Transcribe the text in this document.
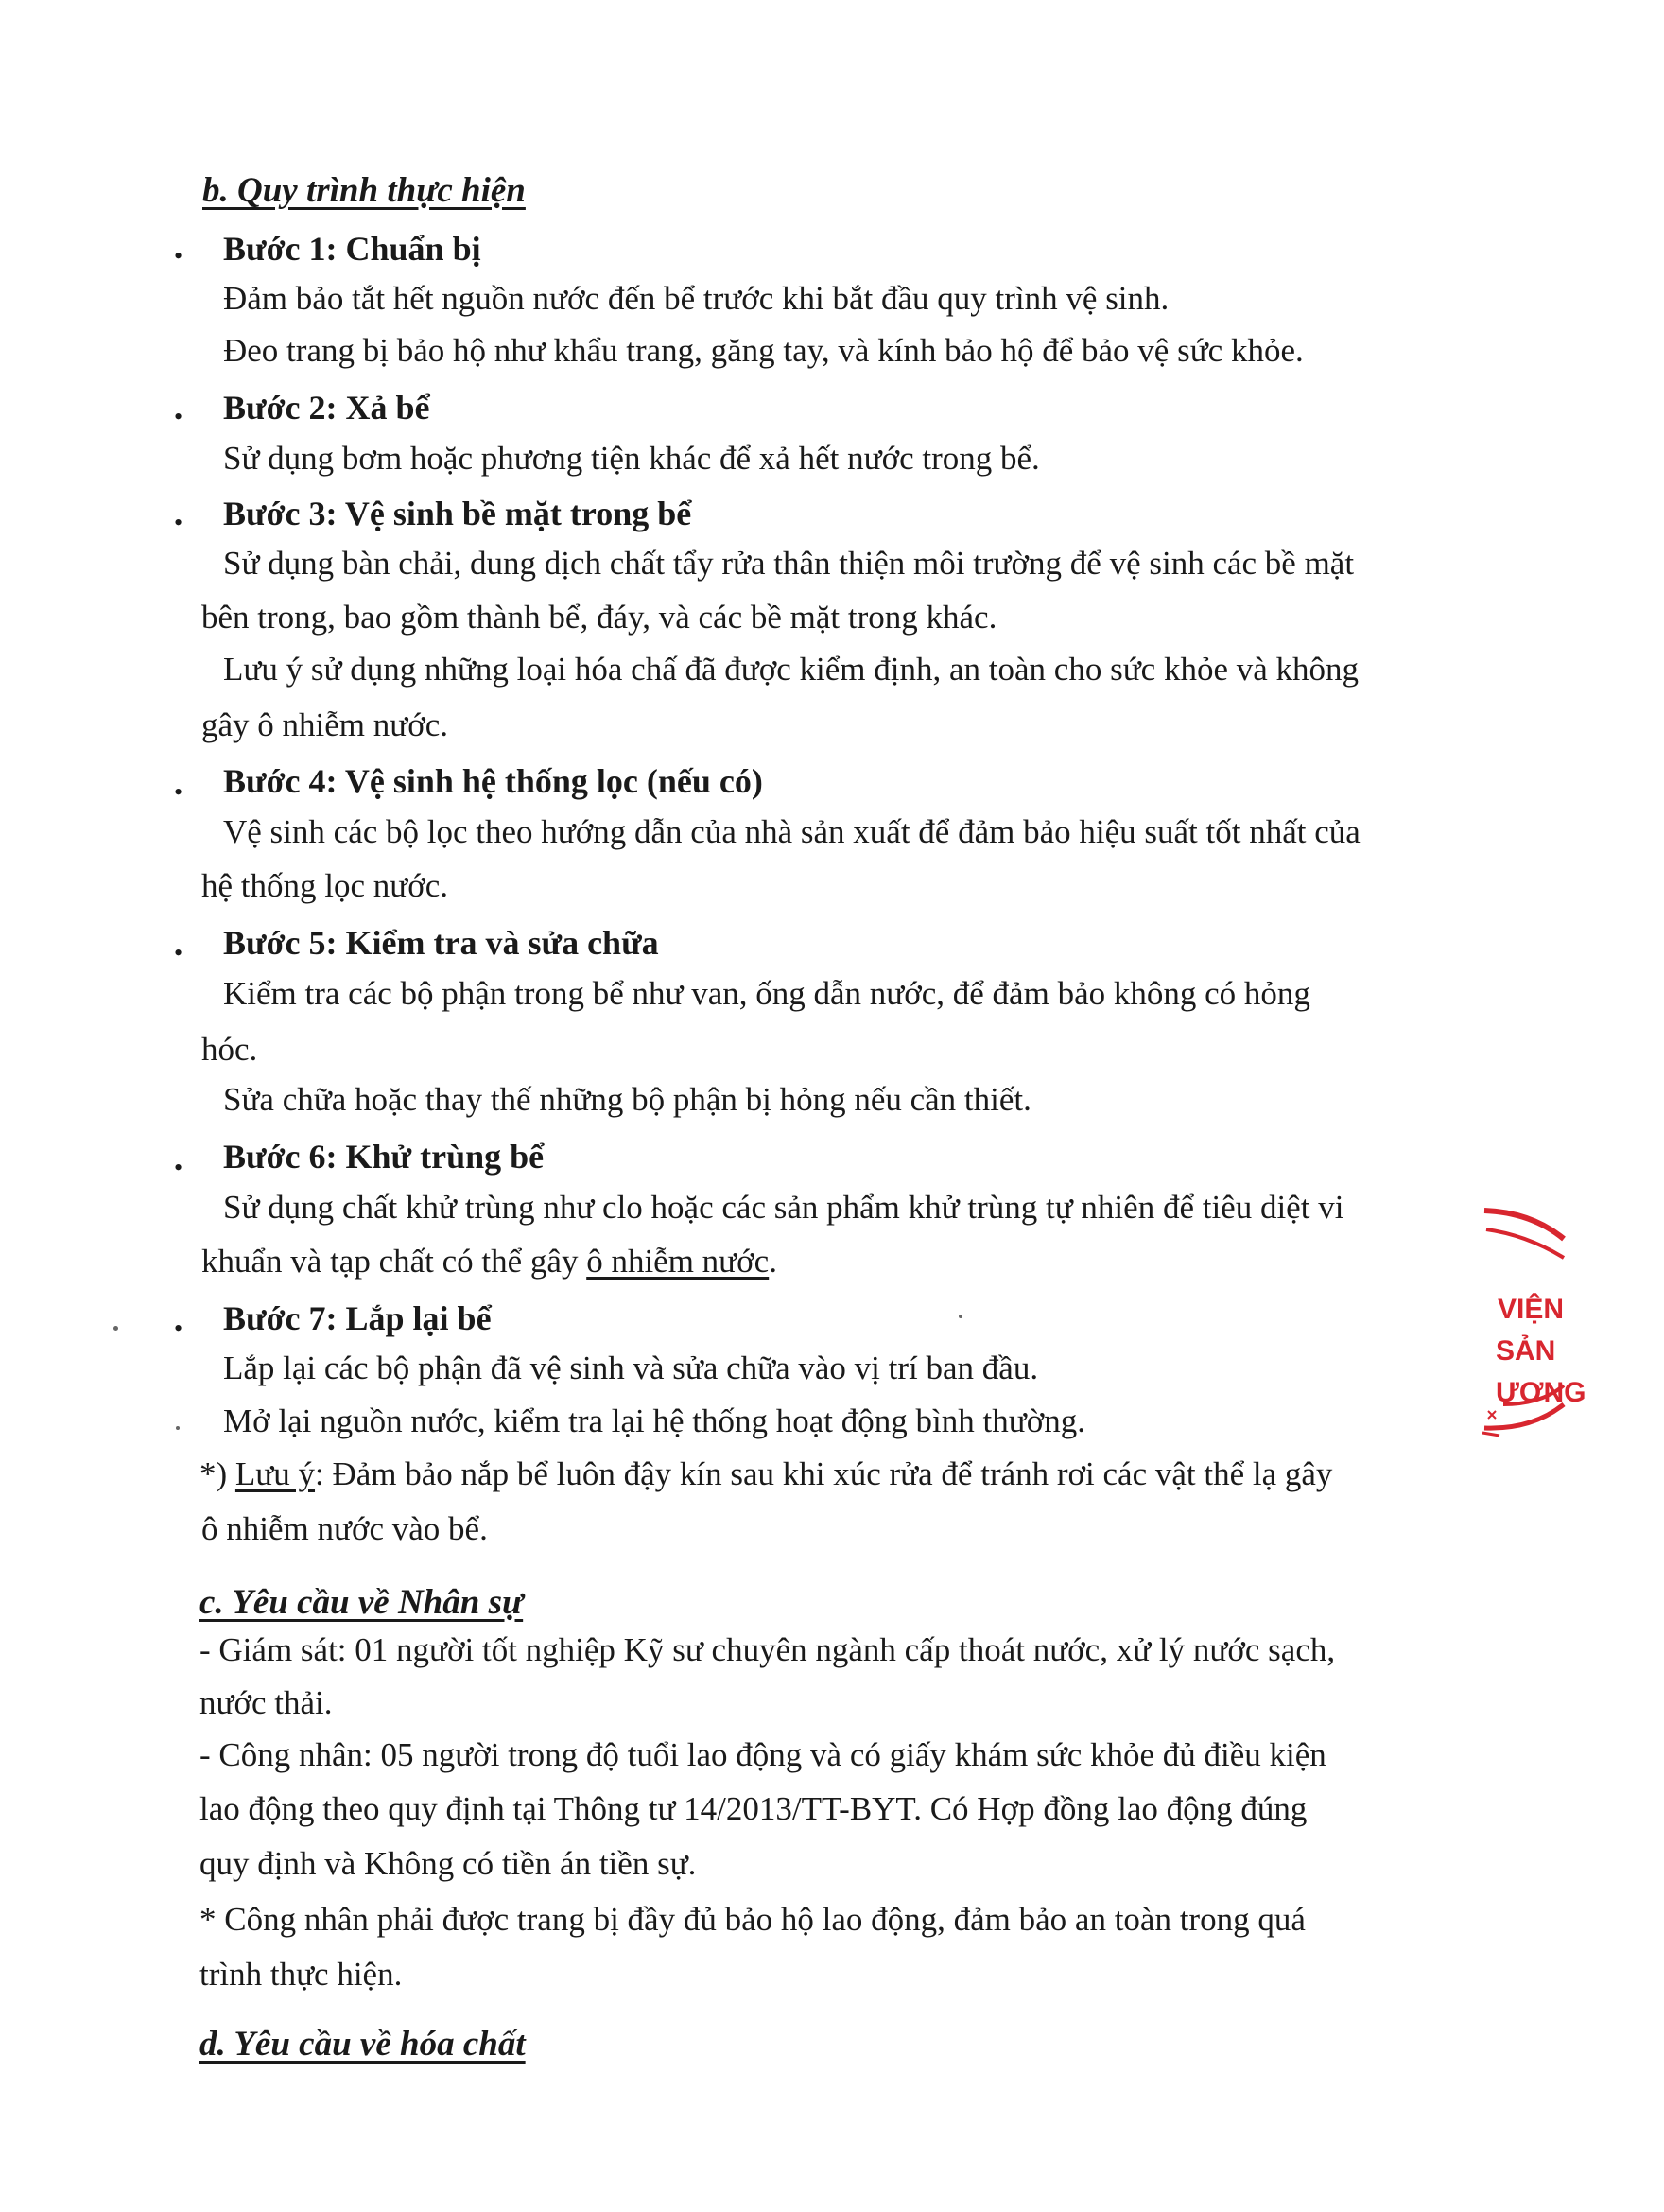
b. Quy trình thực hiện

• Bước 1: Chuẩn bị

Đảm bảo tắt hết nguồn nước đến bể trước khi bắt đầu quy trình vệ sinh.

Đeo trang bị bảo hộ như khẩu trang, găng tay, và kính bảo hộ để bảo vệ sức khỏe.

• Bước 2: Xả bể

Sử dụng bơm hoặc phương tiện khác để xả hết nước trong bể.

• Bước 3: Vệ sinh bề mặt trong bể

Sử dụng bàn chải, dung dịch chất tẩy rửa thân thiện môi trường để vệ sinh các bề mặt

bên trong, bao gồm thành bể, đáy, và các bề mặt trong khác.

Lưu ý sử dụng những loại hóa chấ đã được kiểm định, an toàn cho sức khỏe và không

gây ô nhiễm nước.

• Bước 4: Vệ sinh hệ thống lọc (nếu có)

Vệ sinh các bộ lọc theo hướng dẫn của nhà sản xuất để đảm bảo hiệu suất tốt nhất của

hệ thống lọc nước.

• Bước 5: Kiểm tra và sửa chữa

Kiểm tra các bộ phận trong bể như van, ống dẫn nước, để đảm bảo không có hỏng

hóc.

Sửa chữa hoặc thay thế những bộ phận bị hỏng nếu cần thiết.

• Bước 6: Khử trùng bể

Sử dụng chất khử trùng như clo hoặc các sản phẩm khử trùng tự nhiên để tiêu diệt vi

khuẩn và tạp chất có thể gây ô nhiễm nước.

• Bước 7: Lắp lại bể

Lắp lại các bộ phận đã vệ sinh và sửa chữa vào vị trí ban đầu.

Mở lại nguồn nước, kiểm tra lại hệ thống hoạt động bình thường.

*) Lưu ý: Đảm bảo nắp bể luôn đậy kín sau khi xúc rửa để tránh rơi các vật thể lạ gây

ô nhiễm nước vào bể.

c. Yêu cầu về Nhân sự

- Giám sát: 01 người tốt nghiệp Kỹ sư chuyên ngành cấp thoát nước, xử lý nước sạch,

nước thải.

- Công nhân: 05 người trong độ tuổi lao động và có giấy khám sức khỏe đủ điều kiện

lao động theo quy định tại Thông tư 14/2013/TT-BYT. Có Hợp đồng lao động đúng

quy định và Không có tiền án tiền sự.

* Công nhân phải được trang bị đầy đủ bảo hộ lao động, đảm bảo an toàn trong quá

trình thực hiện.

d. Yêu cầu về hóa chất

VIỆN
SẢN
ƯƠNG
